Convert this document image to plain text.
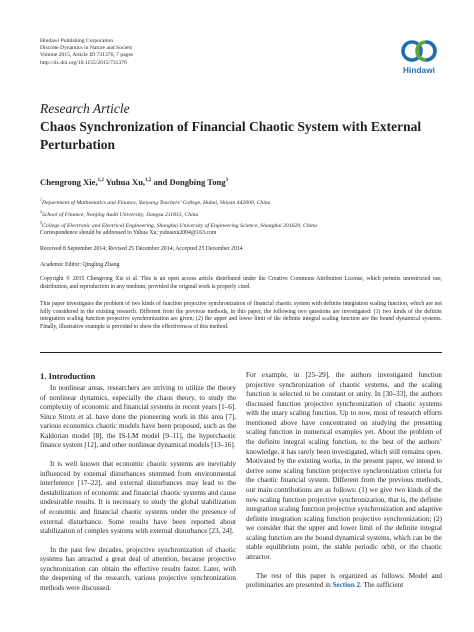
Hindawi Publishing Corporation
Discrete Dynamics in Nature and Society
Volume 2015, Article ID 731376, 7 pages
http://dx.doi.org/10.1155/2015/731376
Hindawi
Research Article
Chaos Synchronization of Financial Chaotic System with External Perturbation
Chengrong Xie,$^{1,2}$ Yuhua Xu,$^{1,2}$ and Dongbing Tong$^3$
$^1$Department of Mathematics and Finance, Yunyang Teachers’ College, Hubei, Shiyan 442000, China
$^2$School of Finance, Nanjing Audit University, Jiangsu 211815, China
$^3$College of Electronic and Electrical Engineering, Shanghai University of Engineering Science, Shanghai 201620, China
Correspondence should be addressed to Yuhua Xu; yuhuaxu2004@163.com
Received 8 September 2014; Revised 25 December 2014; Accepted 25 December 2014
Academic Editor: Qingling Zhang
Copyright © 2015 Chengrong Xie et al. This is an open access article distributed under the Creative Commons Attribution License, which permits unrestricted use, distribution, and reproduction in any medium, provided the original work is properly cited.
This paper investigates the problem of two kinds of function projective synchronization of financial chaotic system with definite integration scaling function, which are not fully considered in the existing research. Different from the previous methods, in this paper, the following two questions are investigated: (1) two kinds of the definite integration scaling function projective synchronization are given; (2) the upper and lower limit of the definite integral scaling function are the bound dynamical systems. Finally, illustrative example is provided to show the effectiveness of this method.
1. Introduction

In nonlinear areas, researchers are striving to utilize the theory of nonlinear dynamics, especially the chaos theory, to study the complexity of economic and financial systems in recent years [1–6]. Since Strotz et al. have done the pioneering work in this area [7], various economics chaotic models have been proposed, such as the Kaldorian model [8], the IS-LM model [9–11], the hyperchaotic finance system [12], and other nonlinear dynamical models [13–16].

It is well known that economic chaotic systems are inevitably influenced by external disturbances stemmed from environmental interference [17–22], and external disturbances may lead to the destabilization of economic and financial chaotic systems and cause undesirable results. It is necessary to study the global stabilization of economic and financial chaotic systems under the presence of external disturbance. Some results have been reported about stabilization of complex systems with external disturbance [23, 24].

In the past few decades, projective synchronization of chaotic systems has attracted a great deal of attention, because projective synchronization can obtain the effective results faster. Later, with the deepening of the research, various projective synchronization methods were discussed.

For example, in [25–29], the authors investigated function projective synchronization of chaotic systems, and the scaling function is selected to be constant or unity. In [30–33], the authors discussed function projective synchronization of chaotic systems with the unary scaling function. Up to now, most of research efforts mentioned above have concentrated on studying the presetting scaling function in numerical examples yet. About the problem of the definite integral scaling function, to the best of the authors’ knowledge, it has rarely been investigated, which still remains open. Motivated by the existing works, in the present paper, we intend to derive some scaling function projective synchronization criteria for the chaotic financial system. Different from the previous methods, our main contributions are as follows: (1) we give two kinds of the new scaling function projective synchronization, that is, the definite integration scaling function projective synchronization and adaptive definite integration scaling function projective synchronization; (2) we consider that the upper and lower limit of the definite integral scaling function are the bound dynamical systems, which can be the stable equilibrium point, the stable periodic orbit, or the chaotic attractor.

The rest of this paper is organized as follows: Model and preliminaries are presented in Section 2. The sufficient
